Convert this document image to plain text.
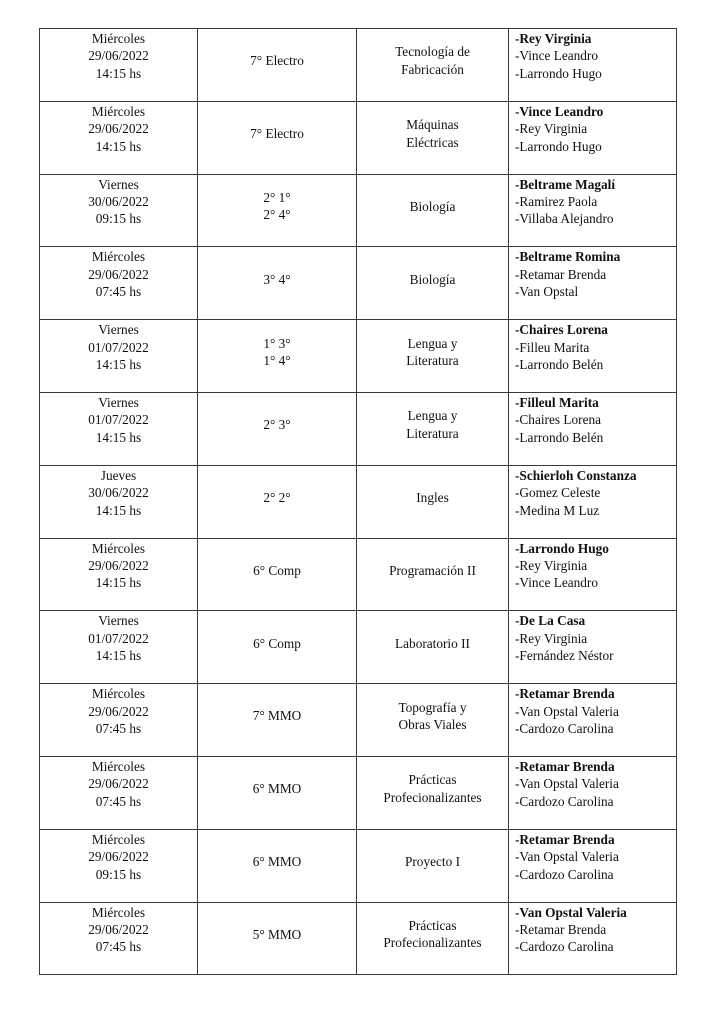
Miércoles
29/06/2022
14:15 hs	7° Electro	Tecnología de
Fabricación	-Rey Virginia
-Vince Leandro
-Larrondo Hugo

Miércoles
29/06/2022
14:15 hs	7° Electro	Máquinas
Eléctricas	-Vince Leandro
-Rey Virginia
-Larrondo Hugo

Viernes
30/06/2022
09:15 hs	2° 1°
2° 4°	Biología	-Beltrame Magalí
-Ramirez Paola
-Villaba Alejandro

Miércoles
29/06/2022
07:45 hs	3° 4°	Biología	-Beltrame Romina
-Retamar Brenda
-Van Opstal

Viernes
01/07/2022
14:15 hs	1° 3°
1° 4°	Lengua y
Literatura	-Chaires Lorena
-Filleu Marita
-Larrondo Belén

Viernes
01/07/2022
14:15 hs	2° 3°	Lengua y
Literatura	-Filleul Marita
-Chaires Lorena
-Larrondo Belén

Jueves
30/06/2022
14:15 hs	2° 2°	Ingles	-Schierloh Constanza
-Gomez Celeste
-Medina M Luz

Miércoles
29/06/2022
14:15 hs	6° Comp	Programación II	-Larrondo Hugo
-Rey Virginia
-Vince Leandro

Viernes
01/07/2022
14:15 hs	6° Comp	Laboratorio II	-De La Casa
-Rey Virginia
-Fernández Néstor

Miércoles
29/06/2022
07:45 hs	7° MMO	Topografía y
Obras Viales	-Retamar Brenda
-Van Opstal Valeria
-Cardozo Carolina

Miércoles
29/06/2022
07:45 hs	6° MMO	Prácticas
Profecionalizantes	-Retamar Brenda
-Van Opstal Valeria
-Cardozo Carolina

Miércoles
29/06/2022
09:15 hs	6° MMO	Proyecto I	-Retamar Brenda
-Van Opstal Valeria
-Cardozo Carolina

Miércoles
29/06/2022
07:45 hs	5° MMO	Prácticas
Profecionalizantes	-Van Opstal Valeria
-Retamar Brenda
-Cardozo Carolina
